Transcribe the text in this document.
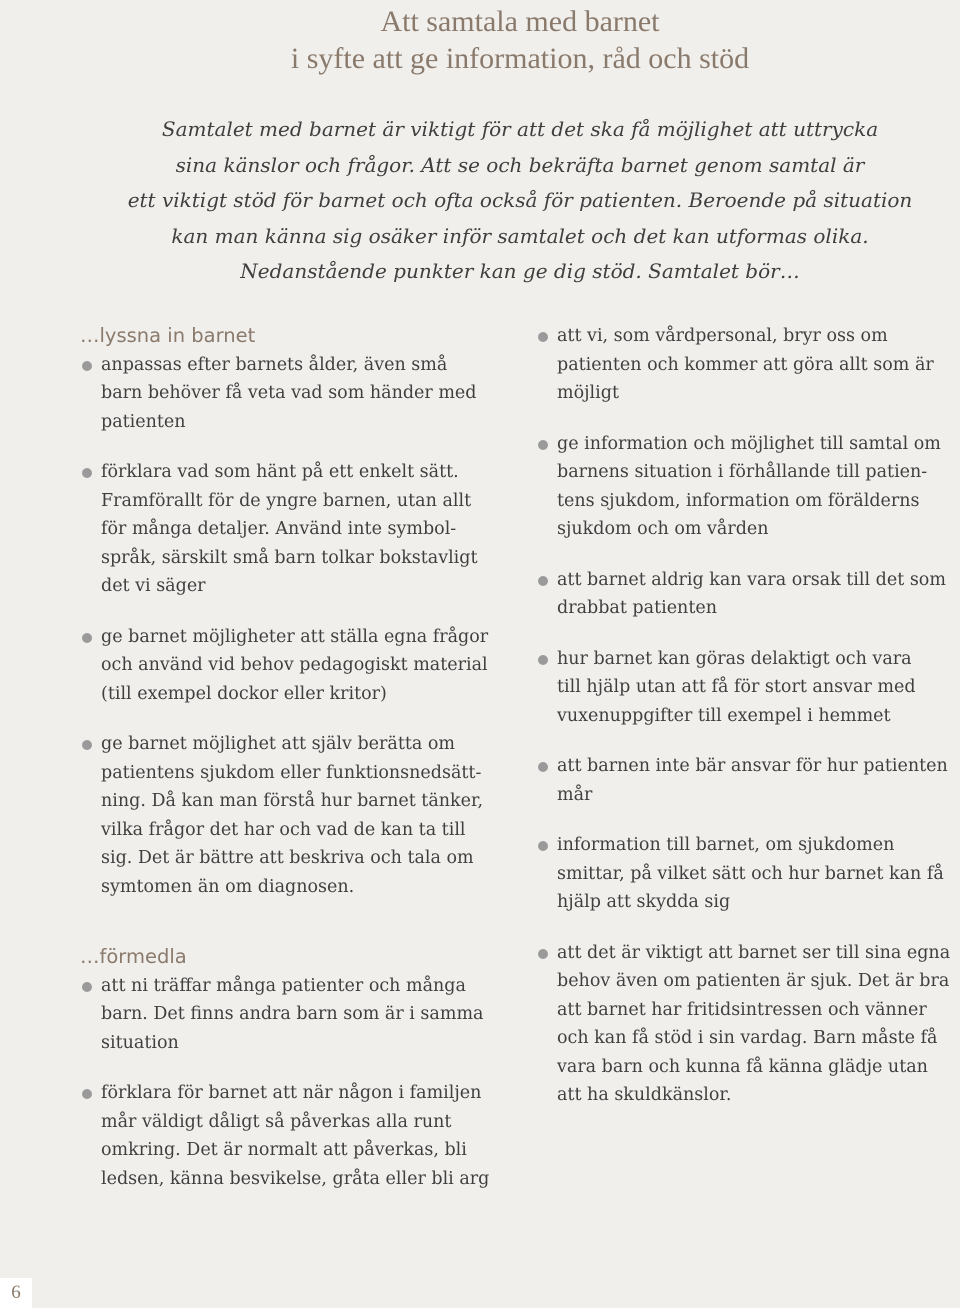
Att samtala med barnet
i syfte att ge information, råd och stöd
Samtalet med barnet är viktigt för att det ska få möjlighet att uttrycka
sina känslor och frågor. Att se och bekräfta barnet genom samtal är
ett viktigt stöd för barnet och ofta också för patienten. Beroende på situation
kan man känna sig osäker inför samtalet och det kan utformas olika.
Nedanstående punkter kan ge dig stöd. Samtalet bör…
…lyssna in barnet
anpassas efter barnets ålder, även små
barn behöver få veta vad som händer med
patienten
förklara vad som hänt på ett enkelt sätt.
Framförallt för de yngre barnen, utan allt
för många detaljer. Använd inte symbol-
språk, särskilt små barn tolkar bokstavligt
det vi säger
ge barnet möjligheter att ställa egna frågor
och använd vid behov pedagogiskt material
(till exempel dockor eller kritor)
ge barnet möjlighet att själv berätta om
patientens sjukdom eller funktionsnedsätt-
ning. Då kan man förstå hur barnet tänker,
vilka frågor det har och vad de kan ta till
sig. Det är bättre att beskriva och tala om
symtomen än om diagnosen.
…förmedla
att ni träffar många patienter och många
barn. Det finns andra barn som är i samma
situation
förklara för barnet att när någon i familjen
mår väldigt dåligt så påverkas alla runt
omkring. Det är normalt att påverkas, bli
ledsen, känna besvikelse, gråta eller bli arg
att vi, som vårdpersonal, bryr oss om
patienten och kommer att göra allt som är
möjligt
ge information och möjlighet till samtal om
barnens situation i förhållande till patien-
tens sjukdom, information om förälderns
sjukdom och om vården
att barnet aldrig kan vara orsak till det som
drabbat patienten
hur barnet kan göras delaktigt och vara
till hjälp utan att få för stort ansvar med
vuxenuppgifter till exempel i hemmet
att barnen inte bär ansvar för hur patienten
mår
information till barnet, om sjukdomen
smittar, på vilket sätt och hur barnet kan få
hjälp att skydda sig
att det är viktigt att barnet ser till sina egna
behov även om patienten är sjuk. Det är bra
att barnet har fritidsintressen och vänner
och kan få stöd i sin vardag. Barn måste få
vara barn och kunna få känna glädje utan
att ha skuldkänslor.
6
